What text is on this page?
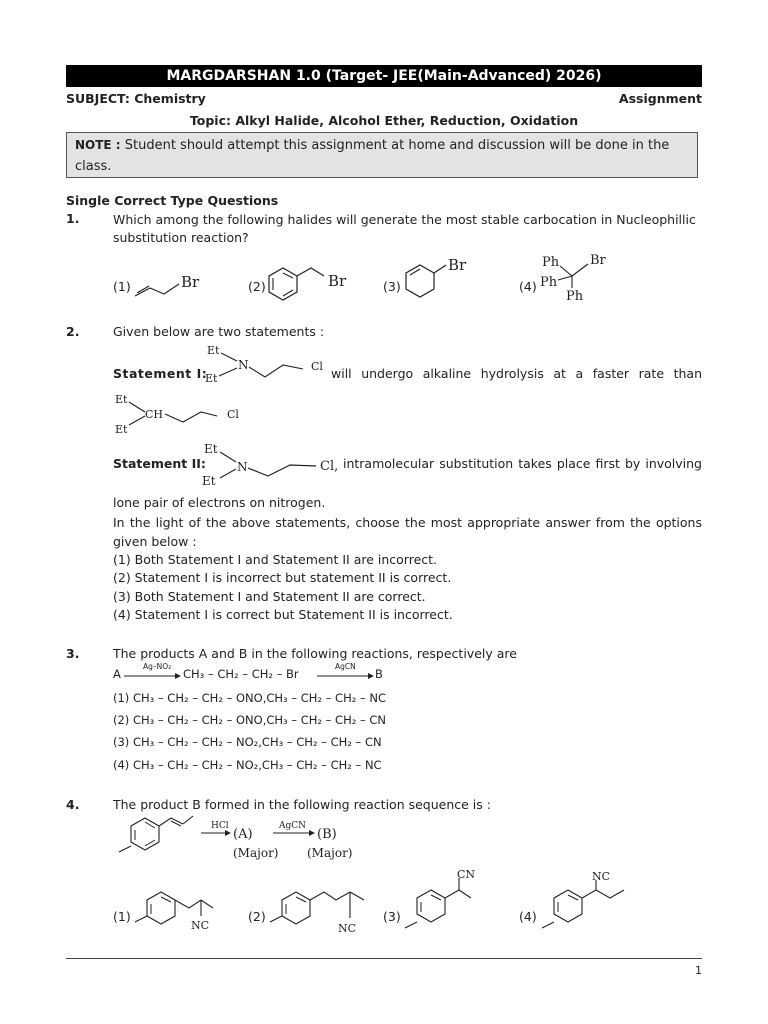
MARGDARSHAN 1.0 (Target- JEE(Main-Advanced) 2026)
SUBJECT: Chemistry	Assignment
Topic: Alkyl Halide, Alcohol Ether, Reduction, Oxidation
NOTE : Student should attempt this assignment at home and discussion will be done in the class.
Single Correct Type Questions
1.	Which among the following halides will generate the most stable carbocation in Nucleophillic substitution reaction?
(1)	Br	(2)	Br	(3)
Br
(4)
Ph Br
Ph
Ph
2.	Given below are two statements :
Statement I:
Et
Et
N	Cl will undergo alkaline hydrolysis at a faster rate than
Et
Et
CH	Cl
Statement II:
Et
Et
N	Cl, intramolecular substitution takes place first by involving
lone pair of electrons on nitrogen.
In the light of the above statements, choose the most appropriate answer from the options given below :
(1) Both Statement I and Statement II are incorrect.
(2) Statement I is incorrect but statement II is correct.
(3) Both Statement I and Statement II are correct.
(4) Statement I is correct but Statement II is incorrect.
3.	The products A and B in the following reactions, respectively are
A
Ag–NO₂
CH₃ – CH₂ – CH₂ – Br
AgCN
B
(1) CH₃ – CH₂ – CH₂ – ONO,CH₃ – CH₂ – CH₂ – NC
(2) CH₃ – CH₂ – CH₂ – ONO,CH₃ – CH₂ – CH₂ – CN
(3) CH₃ – CH₂ – CH₂ – NO₂,CH₃ – CH₂ – CH₂ – CN
(4) CH₃ – CH₂ – CH₂ – NO₂,CH₃ – CH₂ – CH₂ – NC
4.	The product B formed in the following reaction sequence is :
HCl
(A)
(Major)
AgCN
(B)
(Major)
(1)
NC
(2)
NC
(3)
CN
(4)
NC
1
